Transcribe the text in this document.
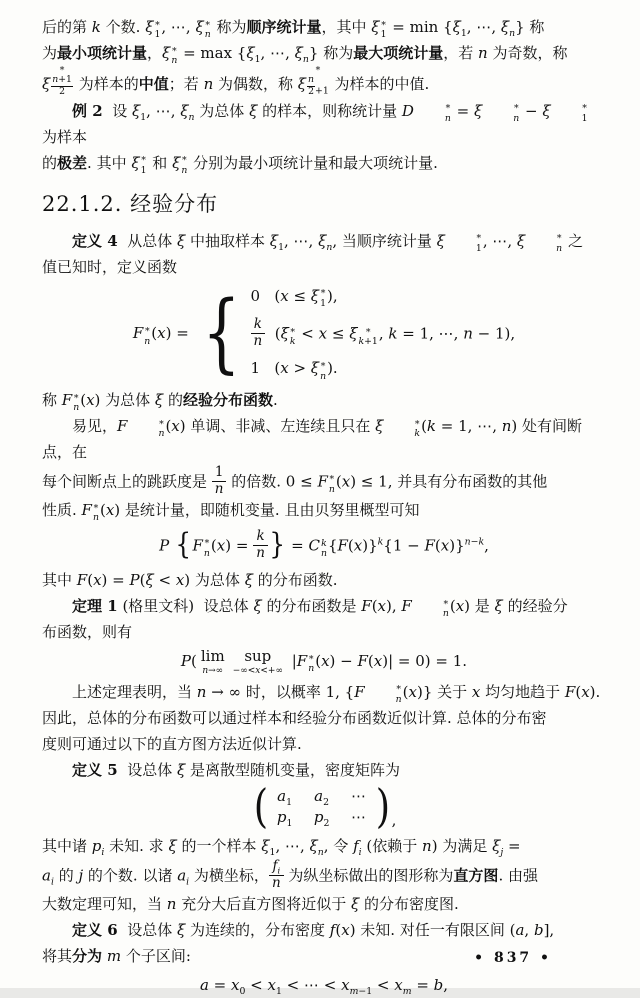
后的第 k 个数. ξ *
1 , ⋯, ξ *
n 称为顺序统计量，其中 ξ *
$1 = \min \{\xi_1$, ⋯, $\xi_n$} 称
为最小项统计量，ξ *
$n = \max \{\xi_1$, ⋯, $\xi_n$} 称为最大项统计量，若 n 为奇数，称
ξ
*
$\frac{n+1}{2}$ 为样本的中值；若 n 为偶数，称 ξ
*
$\frac{n}{2} +1$ 为样本的中值.
例 2  设 $\xi_1$, ⋯, $\xi_n$ 为总体 ξ 的样本，则称统计量 D	*
n = ξ	*
n − ξ	*
1
为样本
的极差. 其中 ξ *
1 和 ξ *
n 分别为最小项统计量和最大项统计量.
22.1.2. 经验分布
定义 4  从总体 ξ 中抽取样本 $\xi_1$, ⋯, $\xi_n$, 当顺序统计量 ξ	*
1 , ⋯, ξ	*
n 之
值已知时，定义函数
F *
n (x) = { 0   (x ≤ ξ *
1 ),
$\frac{k}{n} (\xi$ *
k < x ≤ ξ *
k+1 , k = 1, ⋯, n − 1),
1   (x > ξ *
n ).
称 F *
n (x) 为总体 ξ 的经验分布函数.
易见，F	*
n (x) 单调、非减、左连续且只在 ξ	*
k (k = 1, ⋯, n) 处有间断点，在
每个间断点上的跳跃度是 $\frac{1}{n}$ 的倍数. 0 ≤ F *
n (x) ≤ 1, 并具有分布函数的其他
性质. F *
n (x) 是统计量，即随机变量. 且由贝努里概型可知
P {F *
n $(x) = \frac{k}{n}$ } = C k
n $\{F(x)\}^k\{1 - F(x)\}^{n-k}$,
其中 F(x) = P(ξ < x) 为总体 ξ 的分布函数.
定理 1 (格里文科)  设总体 ξ 的分布函数是 F(x), F	*
n (x) 是 ξ 的经验分
布函数，则有
P( lim
n→∞
sup
−∞<x<+∞
|F *
n (x) − F(x)| = 0) = 1.
上述定理表明，当 n → ∞ 时，以概率 1, {F	*
n (x)} 关于 x 均匀地趋于 F(x).
因此，总体的分布函数可以通过样本和经验分布函数近似计算. 总体的分布密
度则可通过以下的直方图方法近似计算.
定义 5  设总体 ξ 是离散型随机变量，密度矩阵为
( $a_1$ $a_2$ ⋯
$p_1$ $p_2$ ⋯ ) ,
其中诸 $p_i$ 未知. 求 ξ 的一个样本 $\xi_1$, ⋯, $\xi_n$, 令 $f_i$ (依赖于 n) 为满足 $\xi_j$ =
$a_i$ 的 j 的个数. 以诸 $a_i$ 为横坐标， $\frac{f_i}{n}$ 为纵坐标做出的图形称为直方图. 由强
大数定理可知，当 n 充分大后直方图将近似于 ξ 的分布密度图.
定义 6  设总体 ξ 为连续的，分布密度 f(x) 未知. 对任一有限区间 (a, b],
将其分为 m 个子区间:
$a = x_0 < x_1$ < ⋯ < $x_{m-1} < x_m = b$,
• 837 •
